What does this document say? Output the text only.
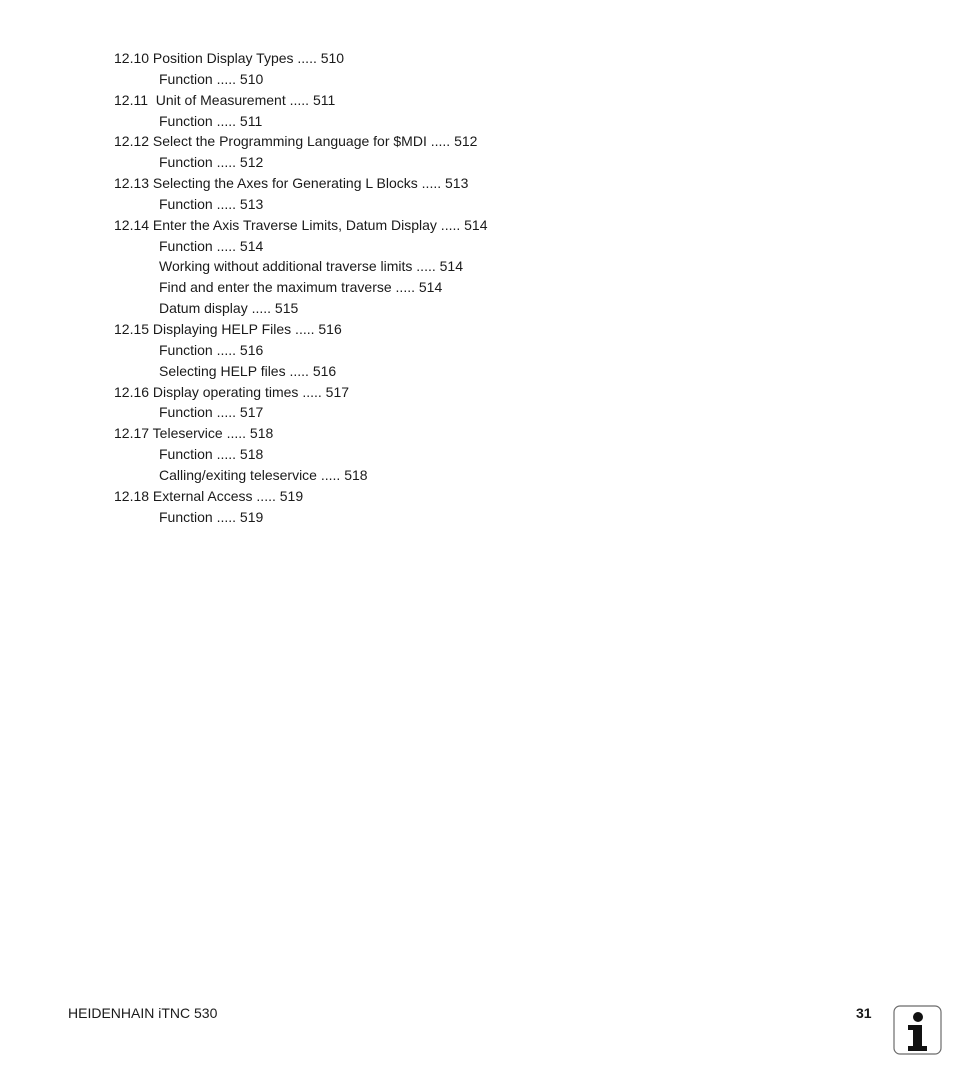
12.10 Position Display Types ..... 510
Function ..... 510
12.11  Unit of Measurement ..... 511
Function ..... 511
12.12 Select the Programming Language for $MDI ..... 512
Function ..... 512
12.13 Selecting the Axes for Generating L Blocks ..... 513
Function ..... 513
12.14 Enter the Axis Traverse Limits, Datum Display ..... 514
Function ..... 514
Working without additional traverse limits ..... 514
Find and enter the maximum traverse ..... 514
Datum display ..... 515
12.15 Displaying HELP Files ..... 516
Function ..... 516
Selecting HELP files ..... 516
12.16 Display operating times ..... 517
Function ..... 517
12.17 Teleservice ..... 518
Function ..... 518
Calling/exiting teleservice ..... 518
12.18 External Access ..... 519
Function ..... 519
HEIDENHAIN iTNC 530	31
